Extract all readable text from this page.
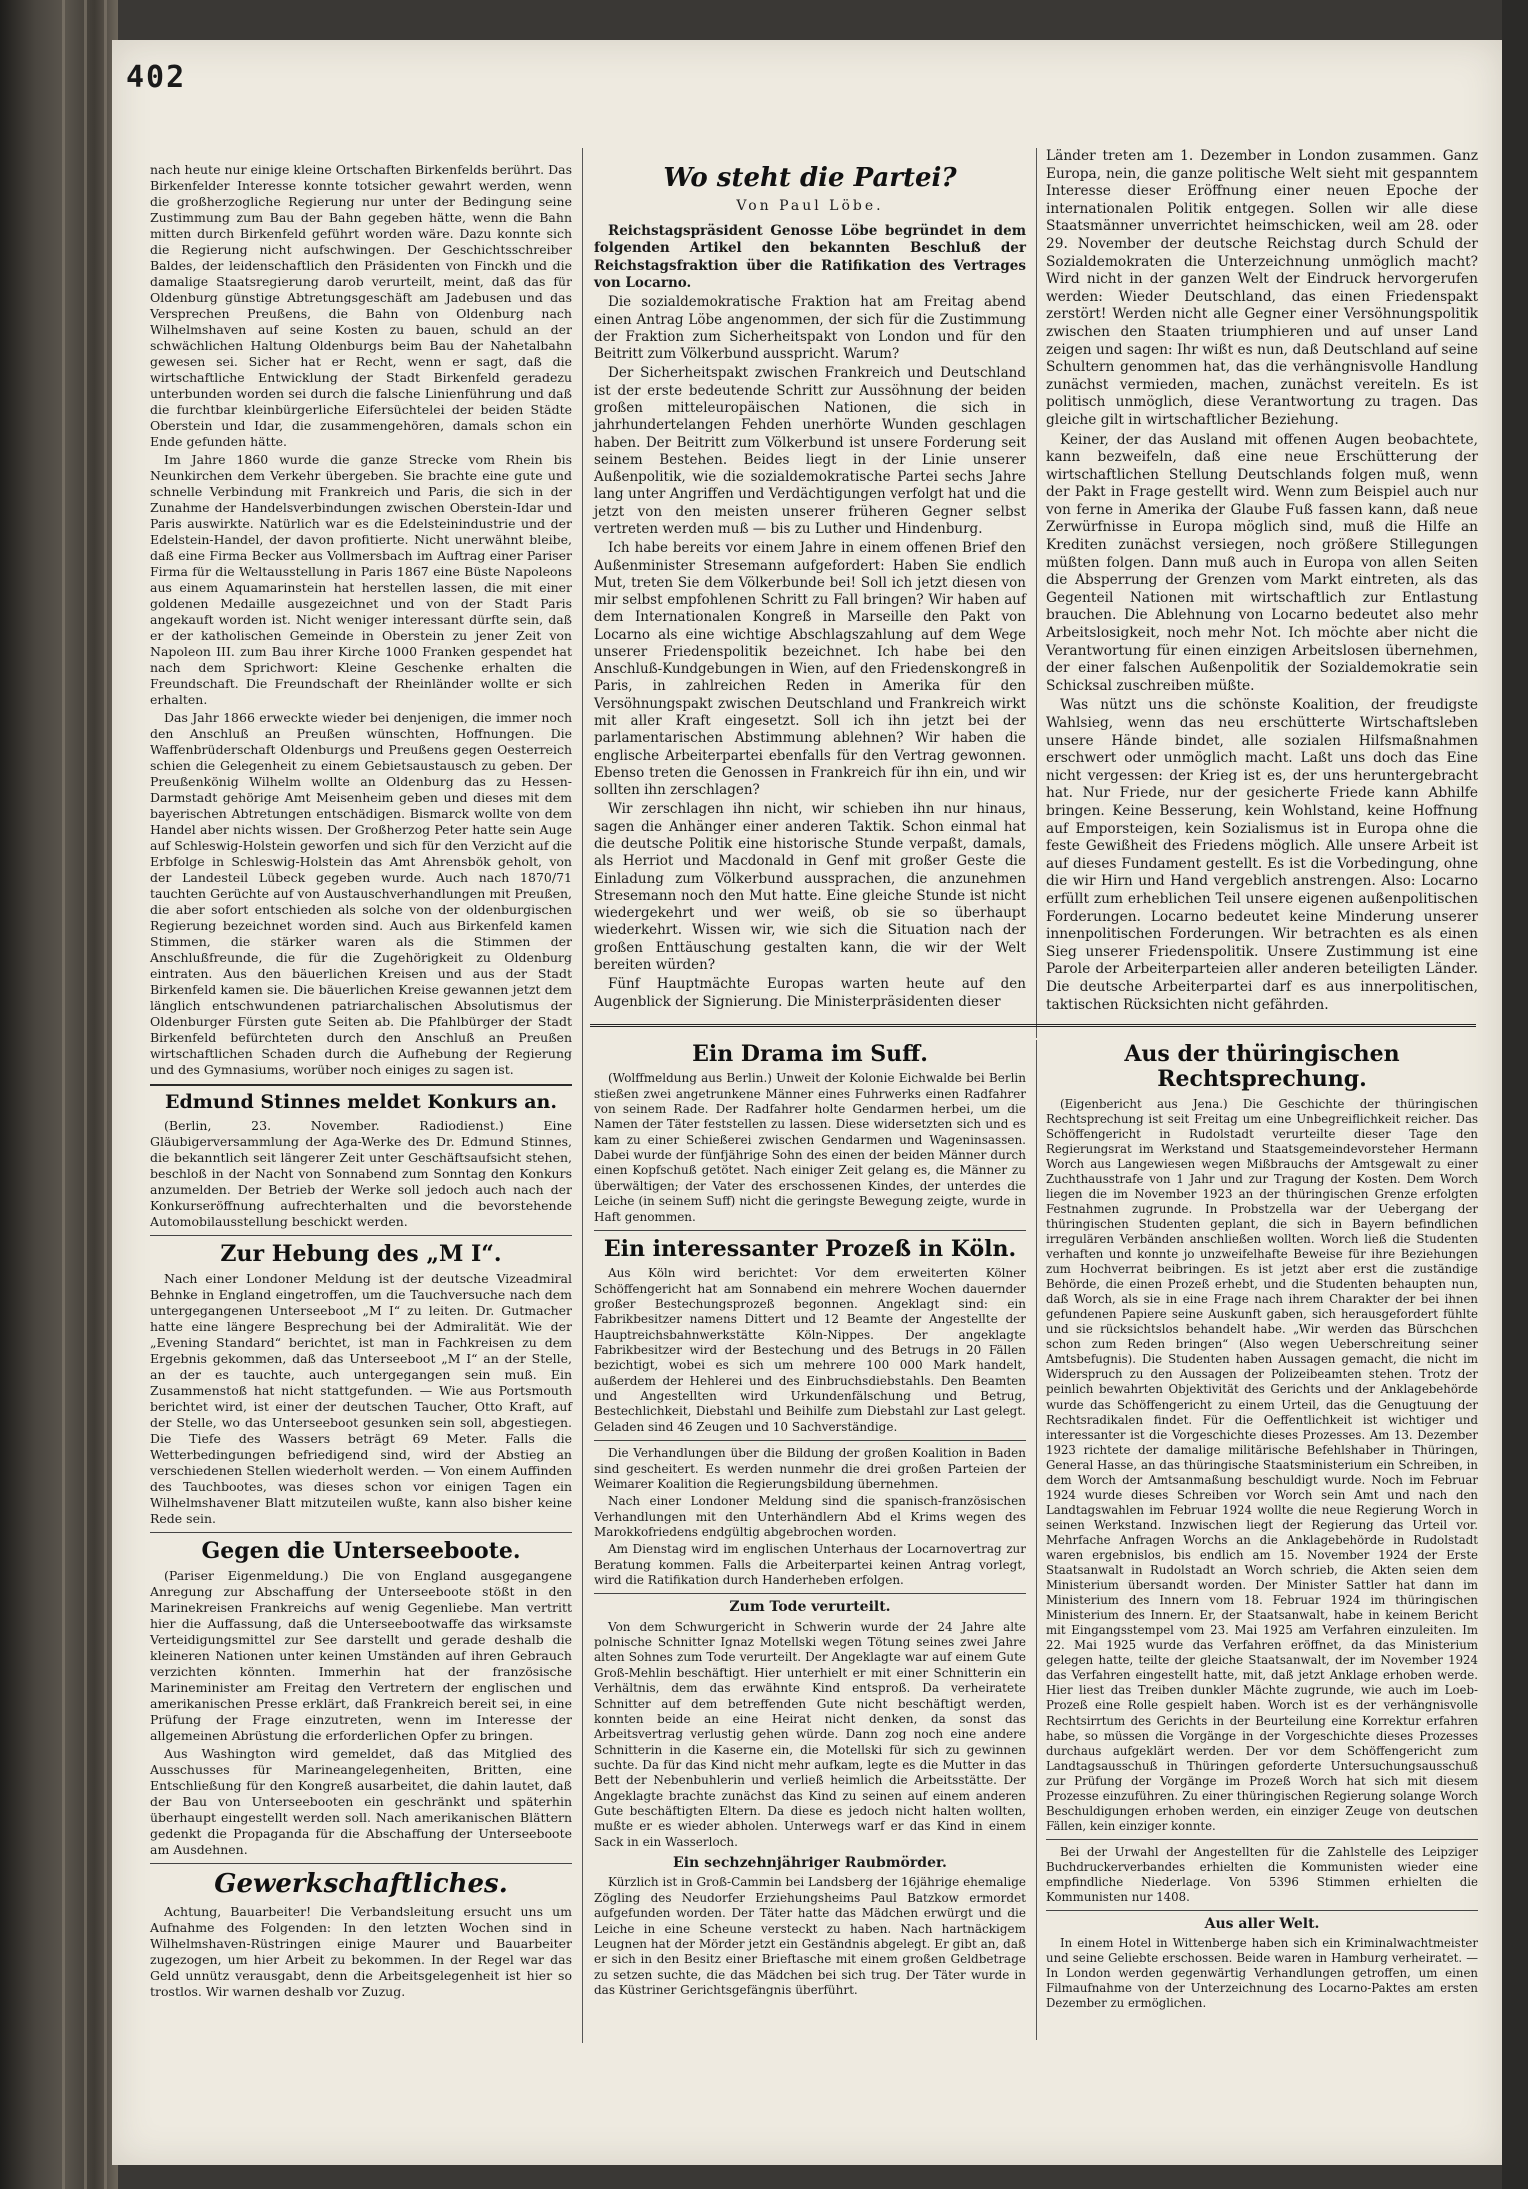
402

nach heute nur einige kleine Ortschaften Birkenfelds berührt. Das Birkenfelder Interesse konnte totsicher gewahrt werden, wenn die großherzogliche Regierung nur unter der Bedingung seine Zustimmung zum Bau der Bahn gegeben hätte, wenn die Bahn mitten durch Birkenfeld geführt worden wäre. Dazu konnte sich die Regierung nicht aufschwingen. Der Geschichtsschreiber Baldes, der leidenschaftlich den Präsidenten von Finckh und die damalige Staatsregierung darob verurteilt, meint, daß das für Oldenburg günstige Abtretungsgeschäft am Jadebusen und das Versprechen Preußens, die Bahn von Oldenburg nach Wilhelmshaven auf seine Kosten zu bauen, schuld an der schwächlichen Haltung Oldenburgs beim Bau der Nahetalbahn gewesen sei. Sicher hat er Recht, wenn er sagt, daß die wirtschaftliche Entwicklung der Stadt Birkenfeld geradezu unterbunden worden sei durch die falsche Linienführung und daß die furchtbar kleinbürgerliche Eifersüchtelei der beiden Städte Oberstein und Idar, die zusammengehören, damals schon ein Ende gefunden hätte.

Im Jahre 1860 wurde die ganze Strecke vom Rhein bis Neunkirchen dem Verkehr übergeben. Sie brachte eine gute und schnelle Verbindung mit Frankreich und Paris, die sich in der Zunahme der Handelsverbindungen zwischen Oberstein-Idar und Paris auswirkte. Natürlich war es die Edelsteinindustrie und der Edelstein-Handel, der davon profitierte. Nicht unerwähnt bleibe, daß eine Firma Becker aus Vollmersbach im Auftrag einer Pariser Firma für die Weltausstellung in Paris 1867 eine Büste Napoleons aus einem Aquamarinstein hat herstellen lassen, die mit einer goldenen Medaille ausgezeichnet und von der Stadt Paris angekauft worden ist. Nicht weniger interessant dürfte sein, daß er der katholischen Gemeinde in Oberstein zu jener Zeit von Napoleon III. zum Bau ihrer Kirche 1000 Franken gespendet hat nach dem Sprichwort: Kleine Geschenke erhalten die Freundschaft. Die Freundschaft der Rheinländer wollte er sich erhalten.

Das Jahr 1866 erweckte wieder bei denjenigen, die immer noch den Anschluß an Preußen wünschten, Hoffnungen. Die Waffenbrüderschaft Oldenburgs und Preußens gegen Oesterreich schien die Gelegenheit zu einem Gebietsaustausch zu geben. Der Preußenkönig Wilhelm wollte an Oldenburg das zu Hessen-Darmstadt gehörige Amt Meisenheim geben und dieses mit dem bayerischen Abtretungen entschädigen. Bismarck wollte von dem Handel aber nichts wissen. Der Großherzog Peter hatte sein Auge auf Schleswig-Holstein geworfen und sich für den Verzicht auf die Erbfolge in Schleswig-Holstein das Amt Ahrensbök geholt, von der Landesteil Lübeck gegeben wurde. Auch nach 1870/71 tauchten Gerüchte auf von Austauschverhandlungen mit Preußen, die aber sofort entschieden als solche von der oldenburgischen Regierung bezeichnet worden sind. Auch aus Birkenfeld kamen Stimmen, die stärker waren als die Stimmen der Anschlußfreunde, die für die Zugehörigkeit zu Oldenburg eintraten. Aus den bäuerlichen Kreisen und aus der Stadt Birkenfeld kamen sie. Die bäuerlichen Kreise gewannen jetzt dem länglich entschwundenen patriarchalischen Absolutismus der Oldenburger Fürsten gute Seiten ab. Die Pfahlbürger der Stadt Birkenfeld befürchteten durch den Anschluß an Preußen wirtschaftlichen Schaden durch die Aufhebung der Regierung und des Gymnasiums, worüber noch einiges zu sagen ist.

Edmund Stinnes meldet Konkurs an.

(Berlin, 23. November. Radiodienst.) Eine Gläubigerversammlung der Aga-Werke des Dr. Edmund Stinnes, die bekanntlich seit längerer Zeit unter Geschäftsaufsicht stehen, beschloß in der Nacht von Sonnabend zum Sonntag den Konkurs anzumelden. Der Betrieb der Werke soll jedoch auch nach der Konkurseröffnung aufrechterhalten und die bevorstehende Automobilausstellung beschickt werden.

Zur Hebung des „M I“.

Nach einer Londoner Meldung ist der deutsche Vizeadmiral Behnke in England eingetroffen, um die Tauchversuche nach dem untergegangenen Unterseeboot „M I“ zu leiten. Dr. Gutmacher hatte eine längere Besprechung bei der Admiralität. Wie der „Evening Standard“ berichtet, ist man in Fachkreisen zu dem Ergebnis gekommen, daß das Unterseeboot „M I“ an der Stelle, an der es tauchte, auch untergegangen sein muß. Ein Zusammenstoß hat nicht stattgefunden. — Wie aus Portsmouth berichtet wird, ist einer der deutschen Taucher, Otto Kraft, auf der Stelle, wo das Unterseeboot gesunken sein soll, abgestiegen. Die Tiefe des Wassers beträgt 69 Meter. Falls die Wetterbedingungen befriedigend sind, wird der Abstieg an verschiedenen Stellen wiederholt werden. — Von einem Auffinden des Tauchbootes, was dieses schon vor einigen Tagen ein Wilhelmshavener Blatt mitzuteilen wußte, kann also bisher keine Rede sein.

Gegen die Unterseeboote.

(Pariser Eigenmeldung.) Die von England ausgegangene Anregung zur Abschaffung der Unterseeboote stößt in den Marinekreisen Frankreichs auf wenig Gegenliebe. Man vertritt hier die Auffassung, daß die Unterseebootwaffe das wirksamste Verteidigungsmittel zur See darstellt und gerade deshalb die kleineren Nationen unter keinen Umständen auf ihren Gebrauch verzichten könnten. Immerhin hat der französische Marineminister am Freitag den Vertretern der englischen und amerikanischen Presse erklärt, daß Frankreich bereit sei, in eine Prüfung der Frage einzutreten, wenn im Interesse der allgemeinen Abrüstung die erforderlichen Opfer zu bringen.

Aus Washington wird gemeldet, daß das Mitglied des Ausschusses für Marineangelegenheiten, Britten, eine Entschließung für den Kongreß ausarbeitet, die dahin lautet, daß der Bau von Unterseebooten ein geschränkt und späterhin überhaupt eingestellt werden soll. Nach amerikanischen Blättern gedenkt die Propaganda für die Abschaffung der Unterseeboote am Ausdehnen.

Gewerkschaftliches.

Achtung, Bauarbeiter! Die Verbandsleitung ersucht uns um Aufnahme des Folgenden: In den letzten Wochen sind in Wilhelmshaven-Rüstringen einige Maurer und Bauarbeiter zugezogen, um hier Arbeit zu bekommen. In der Regel war das Geld unnütz verausgabt, denn die Arbeitsgelegenheit ist hier so trostlos. Wir warnen deshalb vor Zuzug.

Wo steht die Partei?
Von Paul Löbe.

Reichstagspräsident Genosse Löbe begründet in dem folgenden Artikel den bekannten Beschluß der Reichstagsfraktion über die Ratifikation des Vertrages von Locarno.

Die sozialdemokratische Fraktion hat am Freitag abend einen Antrag Löbe angenommen, der sich für die Zustimmung der Fraktion zum Sicherheitspakt von London und für den Beitritt zum Völkerbund ausspricht. Warum?

Der Sicherheitspakt zwischen Frankreich und Deutschland ist der erste bedeutende Schritt zur Aussöhnung der beiden großen mitteleuropäischen Nationen, die sich in jahrhundertelangen Fehden unerhörte Wunden geschlagen haben. Der Beitritt zum Völkerbund ist unsere Forderung seit seinem Bestehen. Beides liegt in der Linie unserer Außenpolitik, wie die sozialdemokratische Partei sechs Jahre lang unter Angriffen und Verdächtigungen verfolgt hat und die jetzt von den meisten unserer früheren Gegner selbst vertreten werden muß — bis zu Luther und Hindenburg.

Ich habe bereits vor einem Jahre in einem offenen Brief den Außenminister Stresemann aufgefordert: Haben Sie endlich Mut, treten Sie dem Völkerbunde bei! Soll ich jetzt diesen von mir selbst empfohlenen Schritt zu Fall bringen? Wir haben auf dem Internationalen Kongreß in Marseille den Pakt von Locarno als eine wichtige Abschlagszahlung auf dem Wege unserer Friedenspolitik bezeichnet. Ich habe bei den Anschluß-Kundgebungen in Wien, auf den Friedenskongreß in Paris, in zahlreichen Reden in Amerika für den Versöhnungspakt zwischen Deutschland und Frankreich wirkt mit aller Kraft eingesetzt. Soll ich ihn jetzt bei der parlamentarischen Abstimmung ablehnen? Wir haben die englische Arbeiterpartei ebenfalls für den Vertrag gewonnen. Ebenso treten die Genossen in Frankreich für ihn ein, und wir sollten ihn zerschlagen?

Wir zerschlagen ihn nicht, wir schieben ihn nur hinaus, sagen die Anhänger einer anderen Taktik. Schon einmal hat die deutsche Politik eine historische Stunde verpaßt, damals, als Herriot und Macdonald in Genf mit großer Geste die Einladung zum Völkerbund aussprachen, die anzunehmen Stresemann noch den Mut hatte. Eine gleiche Stunde ist nicht wiedergekehrt und wer weiß, ob sie so überhaupt wiederkehrt. Wissen wir, wie sich die Situation nach der großen Enttäuschung gestalten kann, die wir der Welt bereiten würden?

Fünf Hauptmächte Europas warten heute auf den Augenblick der Signierung. Die Ministerpräsidenten dieser

Länder treten am 1. Dezember in London zusammen. Ganz Europa, nein, die ganze politische Welt sieht mit gespanntem Interesse dieser Eröffnung einer neuen Epoche der internationalen Politik entgegen. Sollen wir alle diese Staatsmänner unverrichtet heimschicken, weil am 28. oder 29. November der deutsche Reichstag durch Schuld der Sozialdemokraten die Unterzeichnung unmöglich macht? Wird nicht in der ganzen Welt der Eindruck hervorgerufen werden: Wieder Deutschland, das einen Friedenspakt zerstört! Werden nicht alle Gegner einer Versöhnungspolitik zwischen den Staaten triumphieren und auf unser Land zeigen und sagen: Ihr wißt es nun, daß Deutschland auf seine Schultern genommen hat, das die verhängnisvolle Handlung zunächst vermieden, machen, zunächst vereiteln. Es ist politisch unmöglich, diese Verantwortung zu tragen. Das gleiche gilt in wirtschaftlicher Beziehung.

Keiner, der das Ausland mit offenen Augen beobachtete, kann bezweifeln, daß eine neue Erschütterung der wirtschaftlichen Stellung Deutschlands folgen muß, wenn der Pakt in Frage gestellt wird. Wenn zum Beispiel auch nur von ferne in Amerika der Glaube Fuß fassen kann, daß neue Zerwürfnisse in Europa möglich sind, muß die Hilfe an Krediten zunächst versiegen, noch größere Stillegungen müßten folgen. Dann muß auch in Europa von allen Seiten die Absperrung der Grenzen vom Markt eintreten, als das Gegenteil Nationen mit wirtschaftlich zur Entlastung brauchen. Die Ablehnung von Locarno bedeutet also mehr Arbeitslosigkeit, noch mehr Not. Ich möchte aber nicht die Verantwortung für einen einzigen Arbeitslosen übernehmen, der einer falschen Außenpolitik der Sozialdemokratie sein Schicksal zuschreiben müßte.

Was nützt uns die schönste Koalition, der freudigste Wahlsieg, wenn das neu erschütterte Wirtschaftsleben unsere Hände bindet, alle sozialen Hilfsmaßnahmen erschwert oder unmöglich macht. Laßt uns doch das Eine nicht vergessen: der Krieg ist es, der uns heruntergebracht hat. Nur Friede, nur der gesicherte Friede kann Abhilfe bringen. Keine Besserung, kein Wohlstand, keine Hoffnung auf Emporsteigen, kein Sozialismus ist in Europa ohne die feste Gewißheit des Friedens möglich. Alle unsere Arbeit ist auf dieses Fundament gestellt. Es ist die Vorbedingung, ohne die wir Hirn und Hand vergeblich anstrengen. Also: Locarno erfüllt zum erheblichen Teil unsere eigenen außenpolitischen Forderungen. Locarno bedeutet keine Minderung unserer innenpolitischen Forderungen. Wir betrachten es als einen Sieg unserer Friedenspolitik. Unsere Zustimmung ist eine Parole der Arbeiterparteien aller anderen beteiligten Länder. Die deutsche Arbeiterpartei darf es aus innerpolitischen, taktischen Rücksichten nicht gefährden.

Ein Drama im Suff.

(Wolffmeldung aus Berlin.) Unweit der Kolonie Eichwalde bei Berlin stießen zwei angetrunkene Männer eines Fuhrwerks einen Radfahrer von seinem Rade. Der Radfahrer holte Gendarmen herbei, um die Namen der Täter feststellen zu lassen. Diese widersetzten sich und es kam zu einer Schießerei zwischen Gendarmen und Wageninsassen. Dabei wurde der fünfjährige Sohn des einen der beiden Männer durch einen Kopfschuß getötet. Nach einiger Zeit gelang es, die Männer zu überwältigen; der Vater des erschossenen Kindes, der unterdes die Leiche (in seinem Suff) nicht die geringste Bewegung zeigte, wurde in Haft genommen.

Ein interessanter Prozeß in Köln.

Aus Köln wird berichtet: Vor dem erweiterten Kölner Schöffengericht hat am Sonnabend ein mehrere Wochen dauernder großer Bestechungsprozeß begonnen. Angeklagt sind: ein Fabrikbesitzer namens Dittert und 12 Beamte der Angestellte der Hauptreichsbahnwerkstätte Köln-Nippes. Der angeklagte Fabrikbesitzer wird der Bestechung und des Betrugs in 20 Fällen bezichtigt, wobei es sich um mehrere 100 000 Mark handelt, außerdem der Hehlerei und des Einbruchsdiebstahls. Den Beamten und Angestellten wird Urkundenfälschung und Betrug, Bestechlichkeit, Diebstahl und Beihilfe zum Diebstahl zur Last gelegt. Geladen sind 46 Zeugen und 10 Sachverständige.

Die Verhandlungen über die Bildung der großen Koalition in Baden sind gescheitert. Es werden nunmehr die drei großen Parteien der Weimarer Koalition die Regierungsbildung übernehmen.

Nach einer Londoner Meldung sind die spanisch-französischen Verhandlungen mit den Unterhändlern Abd el Krims wegen des Marokkofriedens endgültig abgebrochen worden.

Am Dienstag wird im englischen Unterhaus der Locarnovertrag zur Beratung kommen. Falls die Arbeiterpartei keinen Antrag vorlegt, wird die Ratifikation durch Handerheben erfolgen.

Zum Tode verurteilt.

Von dem Schwurgericht in Schwerin wurde der 24 Jahre alte polnische Schnitter Ignaz Motellski wegen Tötung seines zwei Jahre alten Sohnes zum Tode verurteilt. Der Angeklagte war auf einem Gute Groß-Mehlin beschäftigt. Hier unterhielt er mit einer Schnitterin ein Verhältnis, dem das erwähnte Kind entsproß. Da verheiratete Schnitter auf dem betreffenden Gute nicht beschäftigt werden, konnten beide an eine Heirat nicht denken, da sonst das Arbeitsvertrag verlustig gehen würde. Dann zog noch eine andere Schnitterin in die Kaserne ein, die Motellski für sich zu gewinnen suchte. Da für das Kind nicht mehr aufkam, legte es die Mutter in das Bett der Nebenbuhlerin und verließ heimlich die Arbeitsstätte. Der Angeklagte brachte zunächst das Kind zu seinen auf einem anderen Gute beschäftigten Eltern. Da diese es jedoch nicht halten wollten, mußte er es wieder abholen. Unterwegs warf er das Kind in einem Sack in ein Wasserloch.

Ein sechzehnjähriger Raubmörder.

Kürzlich ist in Groß-Cammin bei Landsberg der 16jährige ehemalige Zögling des Neudorfer Erziehungsheims Paul Batzkow ermordet aufgefunden worden. Der Täter hatte das Mädchen erwürgt und die Leiche in eine Scheune versteckt zu haben. Nach hartnäckigem Leugnen hat der Mörder jetzt ein Geständnis abgelegt. Er gibt an, daß er sich in den Besitz einer Brieftasche mit einem großen Geldbetrage zu setzen suchte, die das Mädchen bei sich trug. Der Täter wurde in das Küstriner Gerichtsgefängnis überführt.

Aus der thüringischen Rechtsprechung.

(Eigenbericht aus Jena.) Die Geschichte der thüringischen Rechtsprechung ist seit Freitag um eine Unbegreiflichkeit reicher. Das Schöffengericht in Rudolstadt verurteilte dieser Tage den Regierungsrat im Werkstand und Staatsgemeindevorsteher Hermann Worch aus Langewiesen wegen Mißbrauchs der Amtsgewalt zu einer Zuchthausstrafe von 1 Jahr und zur Tragung der Kosten. Dem Worch liegen die im November 1923 an der thüringischen Grenze erfolgten Festnahmen zugrunde. In Probstzella war der Uebergang der thüringischen Studenten geplant, die sich in Bayern befindlichen irregulären Verbänden anschließen wollten. Worch ließ die Studenten verhaften und konnte jo unzweifelhafte Beweise für ihre Beziehungen zum Hochverrat beibringen. Es ist jetzt aber erst die zuständige Behörde, die einen Prozeß erhebt, und die Studenten behaupten nun, daß Worch, als sie in eine Frage nach ihrem Charakter der bei ihnen gefundenen Papiere seine Auskunft gaben, sich herausgefordert fühlte und sie rücksichtslos behandelt habe. „Wir werden das Bürschchen schon zum Reden bringen“ (Also wegen Ueberschreitung seiner Amtsbefugnis). Die Studenten haben Aussagen gemacht, die nicht im Widerspruch zu den Aussagen der Polizeibeamten stehen. Trotz der peinlich bewahrten Objektivität des Gerichts und der Anklagebehörde wurde das Schöffengericht zu einem Urteil, das die Genugtuung der Rechtsradikalen findet. Für die Oeffentlichkeit ist wichtiger und interessanter ist die Vorgeschichte dieses Prozesses. Am 13. Dezember 1923 richtete der damalige militärische Befehlshaber in Thüringen, General Hasse, an das thüringische Staatsministerium ein Schreiben, in dem Worch der Amtsanmaßung beschuldigt wurde. Noch im Februar 1924 wurde dieses Schreiben vor Worch sein Amt und nach den Landtagswahlen im Februar 1924 wollte die neue Regierung Worch in seinen Werkstand. Inzwischen liegt der Regierung das Urteil vor. Mehrfache Anfragen Worchs an die Anklagebehörde in Rudolstadt waren ergebnislos, bis endlich am 15. November 1924 der Erste Staatsanwalt in Rudolstadt an Worch schrieb, die Akten seien dem Ministerium übersandt worden. Der Minister Sattler hat dann im Ministerium des Innern vom 18. Februar 1924 im thüringischen Ministerium des Innern. Er, der Staatsanwalt, habe in keinem Bericht mit Eingangsstempel vom 23. Mai 1925 am Verfahren einzuleiten. Im 22. Mai 1925 wurde das Verfahren eröffnet, da das Ministerium gelegen hatte, teilte der gleiche Staatsanwalt, der im November 1924 das Verfahren eingestellt hatte, mit, daß jetzt Anklage erhoben werde. Hier liest das Treiben dunkler Mächte zugrunde, wie auch im Loeb-Prozeß eine Rolle gespielt haben. Worch ist es der verhängnisvolle Rechtsirrtum des Gerichts in der Beurteilung eine Korrektur erfahren habe, so müssen die Vorgänge in der Vorgeschichte dieses Prozesses durchaus aufgeklärt werden. Der vor dem Schöffengericht zum Landtagsausschuß in Thüringen geforderte Untersuchungsausschuß zur Prüfung der Vorgänge im Prozeß Worch hat sich mit diesem Prozesse einzuführen. Zu einer thüringischen Regierung solange Worch Beschuldigungen erhoben werden, ein einziger Zeuge von deutschen Fällen, kein einziger konnte.

Bei der Urwahl der Angestellten für die Zahlstelle des Leipziger Buchdruckerverbandes erhielten die Kommunisten wieder eine empfindliche Niederlage. Von 5396 Stimmen erhielten die Kommunisten nur 1408.

Aus aller Welt.

In einem Hotel in Wittenberge haben sich ein Kriminalwachtmeister und seine Geliebte erschossen. Beide waren in Hamburg verheiratet. — In London werden gegenwärtig Verhandlungen getroffen, um einen Filmaufnahme von der Unterzeichnung des Locarno-Paktes am ersten Dezember zu ermöglichen.
